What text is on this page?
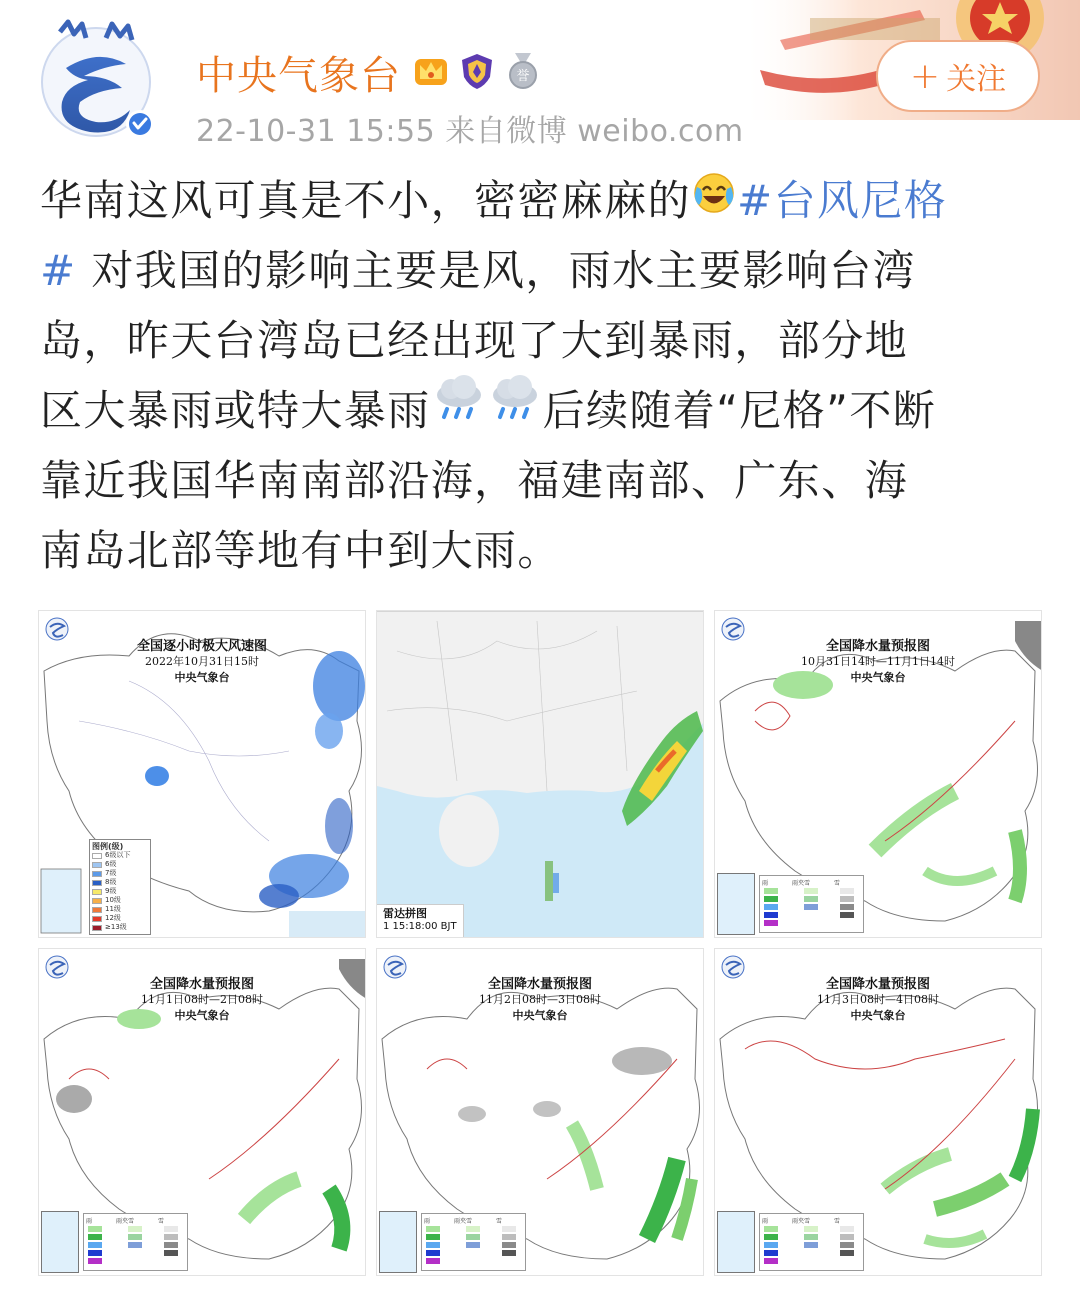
中央气象台	誉
22-10-31 15:55 来自微博 weibo.com
+ 关注
华南这风可真是不小，密密麻麻的 #台风尼格
# 对我国的影响主要是风，雨水主要影响台湾
岛，昨天台湾岛已经出现了大到暴雨，部分地
区大暴雨或特大暴雨	后续随着“尼格”不断
靠近我国华南南部沿海，福建南部、广东、海
南岛北部等地有中到大雨。
全国逐小时极大风速图
2022年10月31日15时
中央气象台
图例(级)
6级以下
6级
7级
8级
9级
10级
11级
12级
≥13级
雷达拼图
1 15:18:00 BJT
全国降水量预报图
10月31日14时—11月1日14时
中央气象台
雨	雨夹雪	雪
全国降水量预报图
11月1日08时—2日08时
中央气象台
雨	雨夹雪	雪
全国降水量预报图
11月2日08时—3日08时
中央气象台
雨	雨夹雪	雪
全国降水量预报图
11月3日08时—4日08时
中央气象台
雨	雨夹雪	雪
